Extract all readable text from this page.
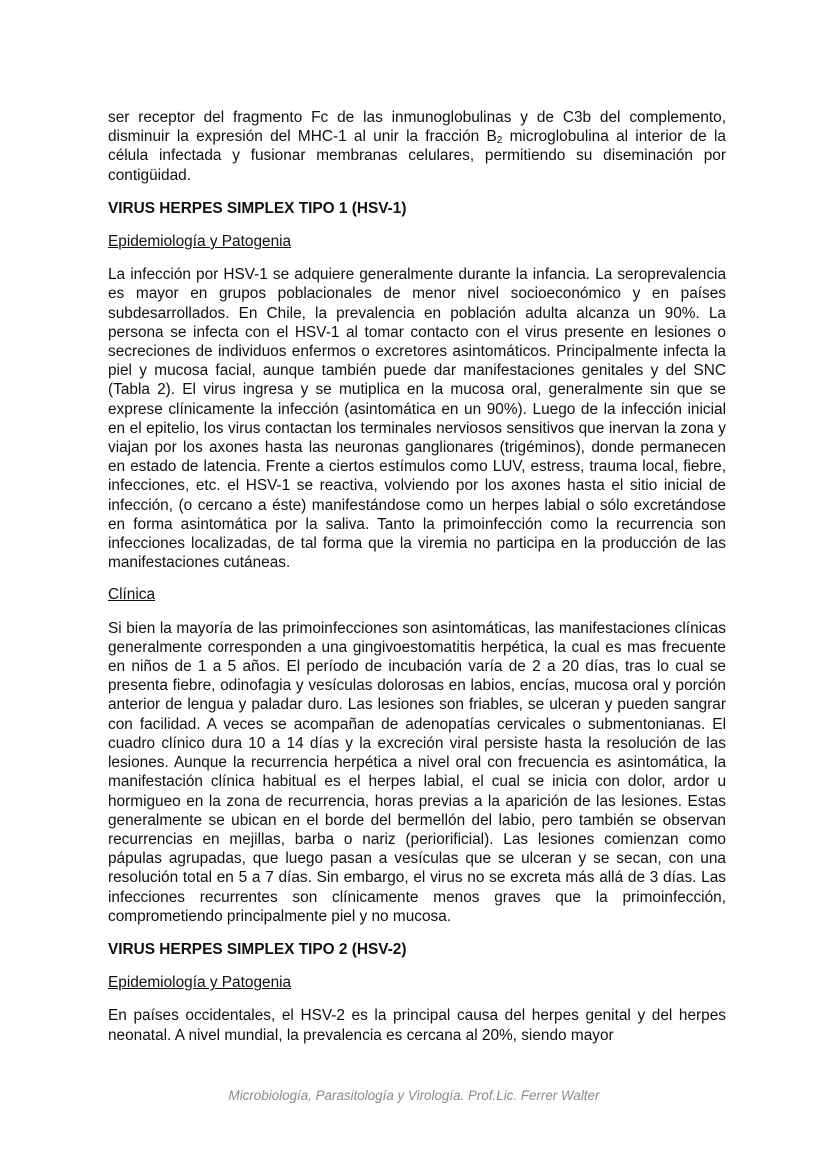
ser receptor del fragmento Fc de las inmunoglobulinas y de C3b del complemento, disminuir la expresión del MHC-1 al unir la fracción $B_2$ microglobulina al interior de la célula infectada y fusionar membranas celulares, permitiendo su diseminación por contigüidad.

VIRUS HERPES SIMPLEX TIPO 1 (HSV-1)

Epidemiología y Patogenia

La infección por HSV-1 se adquiere generalmente durante la infancia. La seroprevalencia es mayor en grupos poblacionales de menor nivel socioeconómico y en países subdesarrollados. En Chile, la prevalencia en población adulta alcanza un 90%. La persona se infecta con el HSV-1 al tomar contacto con el virus presente en lesiones o secreciones de individuos enfermos o excretores asintomáticos. Principalmente infecta la piel y mucosa facial, aunque también puede dar manifestaciones genitales y del SNC (Tabla 2). El virus ingresa y se mutiplica en la mucosa oral, generalmente sin que se exprese clínicamente la infección (asintomática en un 90%). Luego de la infección inicial en el epitelio, los virus contactan los terminales nerviosos sensitivos que inervan la zona y viajan por los axones hasta las neuronas ganglionares (trigéminos), donde permanecen en estado de latencia. Frente a ciertos estímulos como LUV, estress, trauma local, fiebre, infecciones, etc. el HSV-1 se reactiva, volviendo por los axones hasta el sitio inicial de infección, (o cercano a éste) manifestándose como un herpes labial o sólo excretándose en forma asintomática por la saliva. Tanto la primoinfección como la recurrencia son infecciones localizadas, de tal forma que la viremia no participa en la producción de las manifestaciones cutáneas.

Clínica

Si bien la mayoría de las primoinfecciones son asintomáticas, las manifestaciones clínicas generalmente corresponden a una gingivoestomatitis herpética, la cual es mas frecuente en niños de 1 a 5 años. El período de incubación varía de 2 a 20 días, tras lo cual se presenta fiebre, odinofagia y vesículas dolorosas en labios, encías, mucosa oral y porción anterior de lengua y paladar duro. Las lesiones son friables, se ulceran y pueden sangrar con facilidad. A veces se acompañan de adenopatías cervicales o submentonianas. El cuadro clínico dura 10 a 14 días y la excreción viral persiste hasta la resolución de las lesiones. Aunque la recurrencia herpética a nivel oral con frecuencia es asintomática, la manifestación clínica habitual es el herpes labial, el cual se inicia con dolor, ardor u hormigueo en la zona de recurrencia, horas previas a la aparición de las lesiones. Estas generalmente se ubican en el borde del bermellón del labio, pero también se observan recurrencias en mejillas, barba o nariz (periorificial). Las lesiones comienzan como pápulas agrupadas, que luego pasan a vesículas que se ulceran y se secan, con una resolución total en 5 a 7 días. Sin embargo, el virus no se excreta más allá de 3 días. Las infecciones recurrentes son clínicamente menos graves que la primoinfección, comprometiendo principalmente piel y no mucosa.

VIRUS HERPES SIMPLEX TIPO 2 (HSV-2)

Epidemiología y Patogenia

En países occidentales, el HSV-2 es la principal causa del herpes genital y del herpes neonatal. A nivel mundial, la prevalencia es cercana al 20%, siendo mayor

Microbiología, Parasitología y Virología. Prof.Lic. Ferrer Walter
